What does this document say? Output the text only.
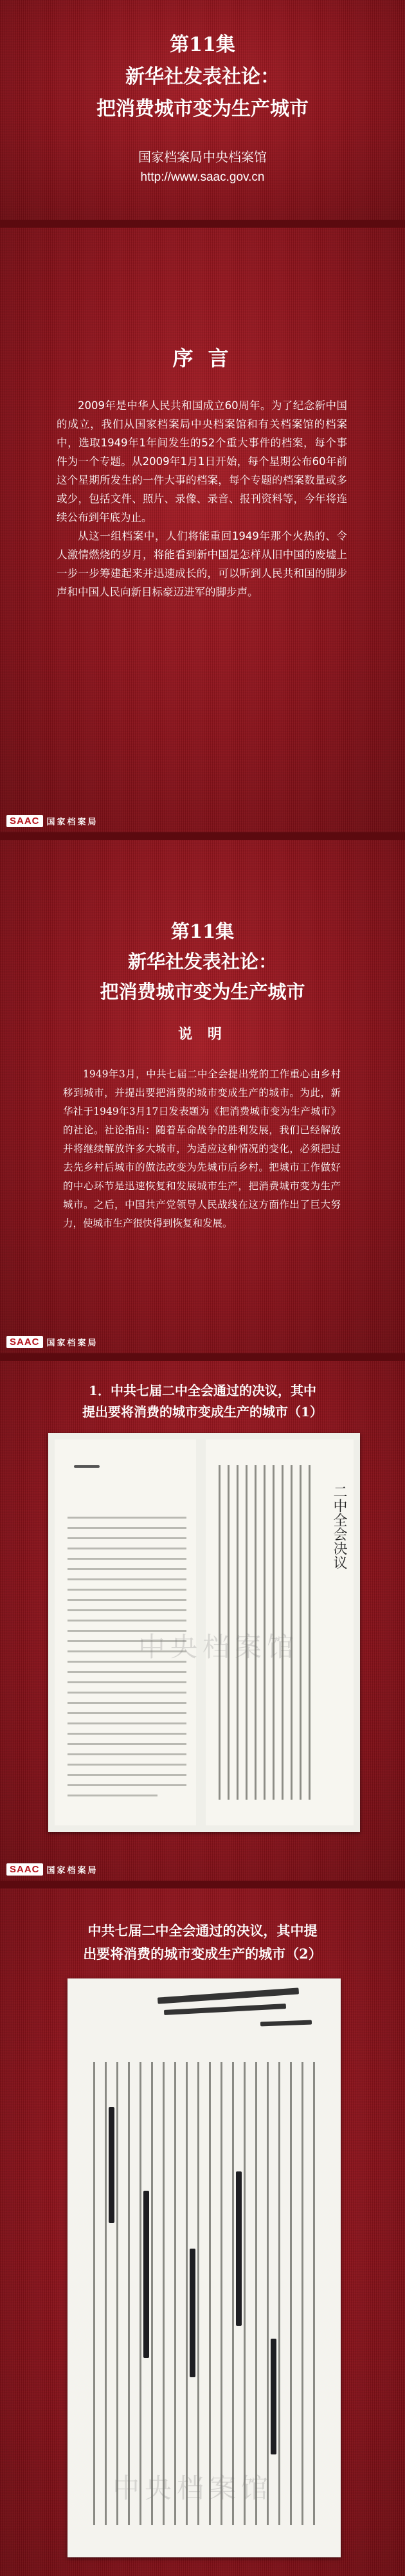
第11集
新华社发表社论：
把消费城市变为生产城市
国家档案局中央档案馆
http://www.saac.gov.cn
序 言

2009年是中华人民共和国成立60周年。为了纪念新中国的成立，我们从国家档案局中央档案馆和有关档案馆的档案中，选取1949年1年间发生的52个重大事件的档案，每个事件为一个专题。从2009年1月1日开始，每个星期公布60年前这个星期所发生的一件大事的档案，每个专题的档案数量或多或少，包括文件、照片、录像、录音、报刊资料等，今年将连续公布到年底为止。

从这一组档案中，人们将能重回1949年那个火热的、令人激情燃烧的岁月，将能看到新中国是怎样从旧中国的废墟上一步一步筹建起来并迅速成长的，可以听到人民共和国的脚步声和中国人民向新目标豪迈进军的脚步声。

SAAC 国家档案局
第11集
新华社发表社论：
把消费城市变为生产城市
说 明

1949年3月，中共七届二中全会提出党的工作重心由乡村移到城市，并提出要把消费的城市变成生产的城市。为此，新华社于1949年3月17日发表题为《把消费城市变为生产城市》的社论。社论指出：随着革命战争的胜利发展，我们已经解放并将继续解放许多大城市，为适应这种情况的变化，必须把过去先乡村后城市的做法改变为先城市后乡村。把城市工作做好的中心环节是迅速恢复和发展城市生产，把消费城市变为生产城市。之后，中国共产党领导人民战线在这方面作出了巨大努力，使城市生产很快得到恢复和发展。

SAAC 国家档案局
1．中共七届二中全会通过的决议，其中
提出要将消费的城市变成生产的城市（1）
二中全会决议
中央档案馆
SAAC 国家档案局
中共七届二中全会通过的决议，其中提
出要将消费的城市变成生产的城市（2）
中央档案馆
